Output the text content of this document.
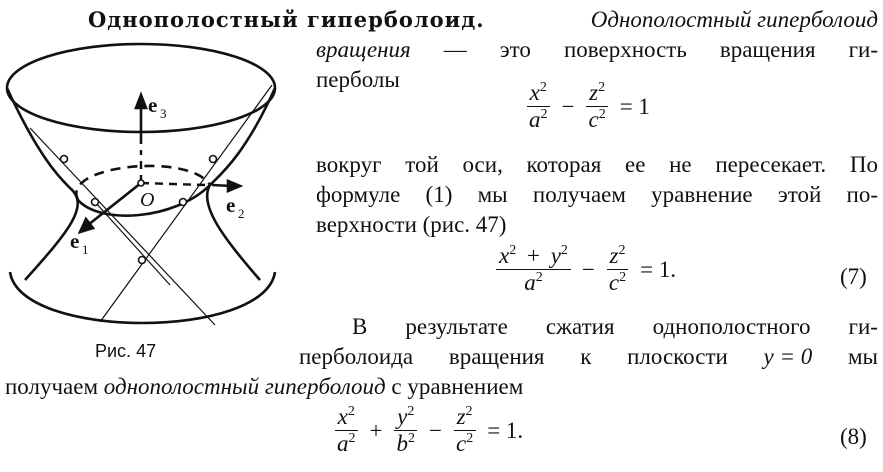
e 3
e 2
e 1
O
Рис. 47
Однополостный гиперболоид.	Однополостный гиперболоид
вращения — это поверхность вращения ги-
перболы
$\frac{x^2}{a^2} - \frac{z^2}{c^2} = 1$
вокруг той оси, которая ее не пересекает. По
формуле (1) мы получаем уравнение этой по-
верхности (рис. 47)
$\frac{x^2 + y^2}{a^2} - \frac{z^2}{c^2} = 1$.	(7)
В результате сжатия однополостного ги-
перболоида вращения к плоскости y = 0 мы
получаем однополостный гиперболоид с уравнением
$\frac{x^2}{a^2} + \frac{y^2}{b^2} - \frac{z^2}{c^2} = 1$.	(8)
